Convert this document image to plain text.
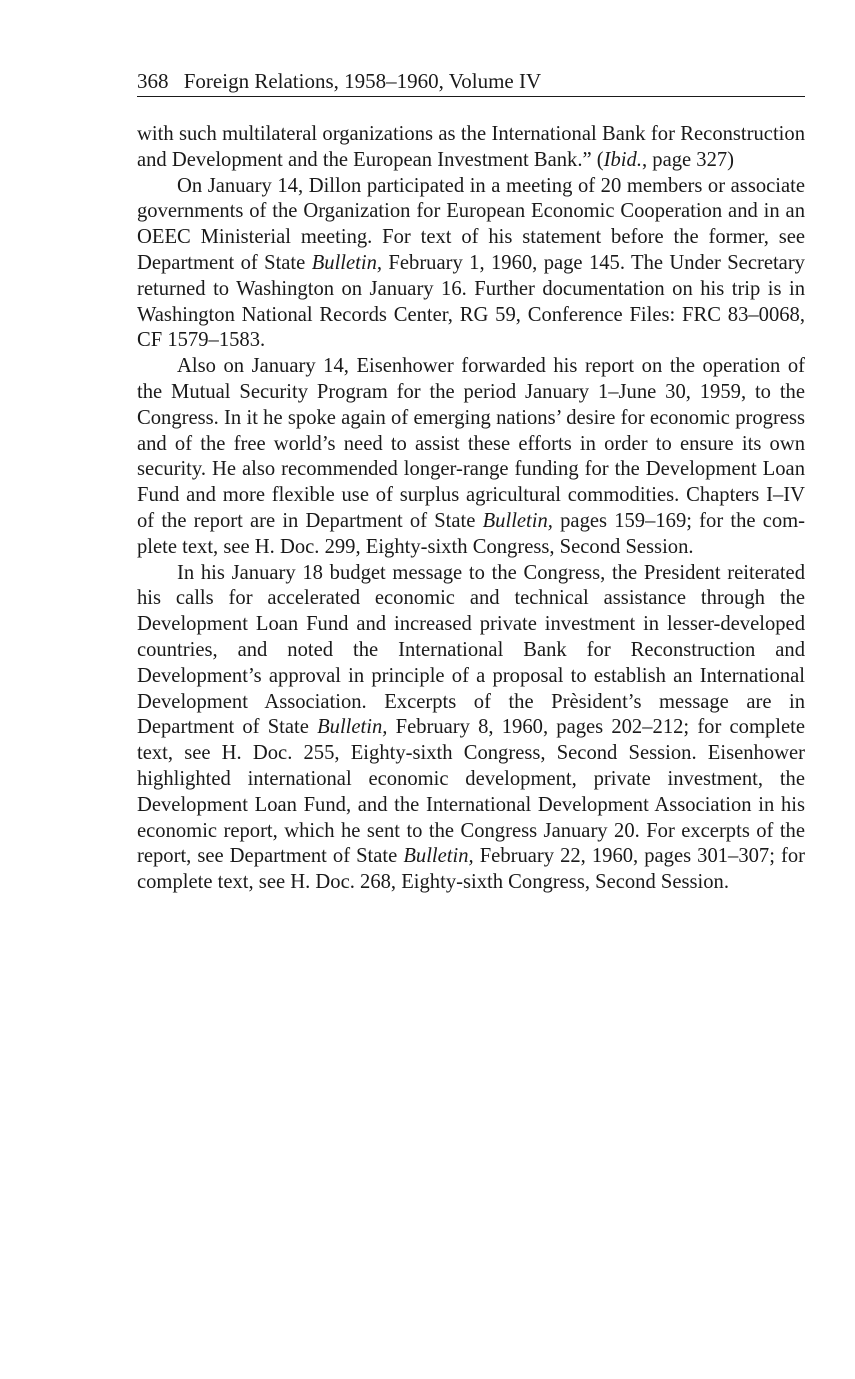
368 Foreign Relations, 1958–1960, Volume IV

with such multilateral organizations as the International Bank for Reconstruction and Development and the European Investment Bank.” (Ibid., page 327)

On January 14, Dillon participated in a meeting of 20 members or associate governments of the Organization for European Economic Cooperation and in an OEEC Ministerial meeting. For text of his statement before the former, see Department of State Bulletin, February 1, 1960, page 145. The Under Secretary returned to Washington on January 16. Further documentation on his trip is in Washington National Records Center, RG 59, Conference Files: FRC 83–0068, CF 1579–1583.

Also on January 14, Eisenhower forwarded his report on the operation of the Mutual Security Program for the period January 1–June 30, 1959, to the Congress. In it he spoke again of emerging nations’ desire for economic progress and of the free world’s need to assist these efforts in order to ensure its own security. He also recommended longer-range funding for the Development Loan Fund and more flexible use of surplus agricultural commodities. Chapters I–IV of the report are in Department of State Bulletin, pages 159–169; for the complete text, see H. Doc. 299, Eighty-sixth Congress, Second Session.

In his January 18 budget message to the Congress, the President reiterated his calls for accelerated economic and technical assistance through the Development Loan Fund and increased private investment in lesser-developed countries, and noted the International Bank for Reconstruction and Development’s approval in principle of a proposal to establish an International Development Association. Excerpts of the Prèsident’s message are in Department of State Bulletin, February 8, 1960, pages 202–212; for complete text, see H. Doc. 255, Eighty-sixth Congress, Second Session. Eisenhower highlighted international economic development, private investment, the Development Loan Fund, and the International Development Association in his economic report, which he sent to the Congress January 20. For excerpts of the report, see Department of State Bulletin, February 22, 1960, pages 301–307; for complete text, see H. Doc. 268, Eighty-sixth Congress, Second Session.
